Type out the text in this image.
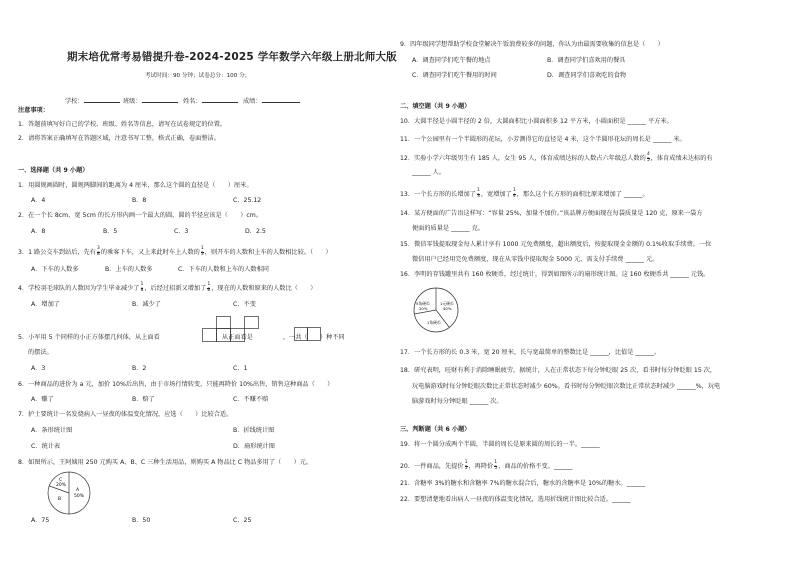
期末培优常考易错提升卷-2024-2025 学年数学六年级上册北师大版
考试时间：90 分钟；试卷总分：100 分；
学校：	班级：	姓名：	成绩：
注意事项：
1．答题前填写好自己的学校、班级、姓名等信息，请写在试卷规定的位置。
2．请将答案正确填写在答题区域，注意书写工整，格式正确，卷面整洁。
一、选择题（共 9 小题）
1．用圆规画圆时，圆规两脚间的距离为 4 厘米，那么这个圆的直径是（　　）厘米。
A．4	B．8	C．25.12
2．在一个长 8cm、宽 5cm 的长方形内画一个最大的圆，圆的半径应该是（　　）cm。
A．8	B．5	C．3	D．2.5
3．1 路公交车到站后，先有 $\frac{3}{8}$ 的乘客下车，又上来此时车上人数的 $\frac{1}{3}$ ，则开车的人数和上车的人数相比较。（　　）
A．下车的人数多	B．上车的人数多	C．下车的人数和上车的人数相同
4．学校羽毛球队的人数因为学生毕业减少了 $\frac{1}{8}$ ，后经过招新又增加了 $\frac{1}{8}$ ，现在的人数和原来的人数比（　　）
A．增加了	B．减少了	C．不变
5．小军用 5 个同样的小正方体摆几何体，从上面看	，从正面看是	，一共（　　）种不同
的摆法。
A．3	B．2	C．1
6．一种商品的进价为 a 元，加价 10%后出售，由于市场行情转变，只能再降价 10%出售，销售这种商品（　　）
A．赚了	B．赔了	C．不赚不赔
7．护士要统计一名发烧病人一昼夜的体温变化情况，应选（　　）比较合适。
A．条形统计图	B．折线统计图
C．统计表	D．扇形统计图
8．如图所示，王阿姨用 250 元购买 A、B、C 三种生活用品，则购买 A 物品比 C 物品多用了（　　）元。
A
50%
B
C
20%
A．75	B．50	C．25
9．四年级同学想帮助学校食堂解决午饭浪费较多的问题，你认为由最需要收集的信息是（　　）
A．调查同学们吃午餐的地点	B．调查同学们喜欢用的餐具
C．调查同学们吃午餐用的时间	D．调查同学们喜欢吃的食物
二、填空题（共 9 小题）
10．大圆半径是小圆半径的 2 倍，大圆面积比小圆面积多 12 平方米，小圆面积是 ______ 平方米。
11．一个公园里有一个半圆形的花坛，小芳测得它的直径是 4 米，这个半圆形花坛的周长是 ______ 米。
12．实验小学六年级男生有 185 人，女生 95 人，体育成绩达标的人数占六年级总人数的 $\frac{4}{5}$ ，体育成绩未达标的有
______ 人。
13．一个长方形的长增加了 $\frac{1}{3}$ ，宽增加了 $\frac{1}{4}$ ，那么这个长方形的面积比原来增加了 ______。
14．某方便面的广告语这样写：“容量 25%，加量不加价。”该品牌方便面现在每袋质量是 120 克，原来一袋方
便面的质量是 ______ 克。
15．微信零钱提取现金每人累计享有 1000 元免费额度，超出额度后，按提取现金金额的 0.1%收取手续费。一位
微信用户已经用完免费额度，现在从零钱中提取现金 5000 元，需支付手续费 ______ 元。
16．李明的存钱罐里共有 160 枚硬币，经过统计，得到如图所示的扇形统计图。这 160 枚硬币共 ______ 元钱。
5角硬币
20%
1元硬币
40%
1角硬币
17．一个长方形的长 0.3 米，宽 20 厘米，长与宽最简单的整数比是 ______，比值是 ______。
18．研究表明，旺财有利于消除睡眠疲劳，据统计，人在正常状态下每分钟眨眼 25 次，看书时每分钟眨眼 15 次，
玩电脑游戏时每分钟眨眼次数比正常状态时减少 60%。看书时每分钟眨眼次数比正常状态时减少 ______%，玩电
脑游戏时每分钟眨眼 ______ 次。
三、判断题（共 6 小题）
19．将一个圆分成两个半圆，半圆的周长是原来圆的周长的一半。______
20．一件商品，先提价 $\frac{1}{5}$ ，再降价 $\frac{1}{5}$ ，商品的价格不变。______
21．含糖率 3%的糖水和含糖率 7%的糖水混合后，糖水的含糖率是 10%的糖水。______
22．要想清楚地看出病人一昼夜的体温变化情况，选用折线统计图比较合适。______
